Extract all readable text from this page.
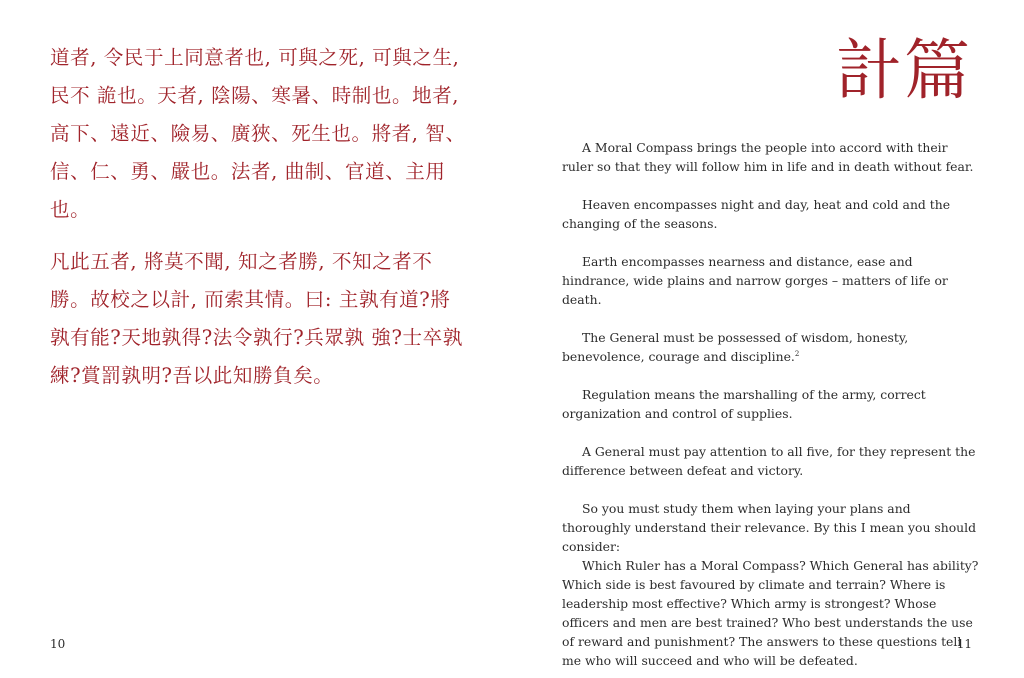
道者, 令民于上同意者也, 可與之死, 可與之生, 民不 詭也。天者, 陰陽、寒暑、時制也。地者, 高下、遠近、險易、廣狹、死生也。將者, 智、信、仁、勇、嚴也。法者, 曲制、官道、主用也。

凡此五者, 將莫不聞, 知之者勝, 不知之者不勝。故校之以計, 而索其情。曰: 主孰有道?將孰有能?天地孰得?法令孰行?兵眾孰 強?士卒孰練?賞罰孰明?吾以此知勝負矣。

10
計篇

A Moral Compass brings the people into accord with their ruler so that they will follow him in life and in death without fear.

Heaven encompasses night and day, heat and cold and the changing of the seasons.

Earth encompasses nearness and distance, ease and hindrance, wide plains and narrow gorges – matters of life or death.

The General must be possessed of wisdom, honesty, benevolence, courage and discipline.$^2$

Regulation means the marshalling of the army, correct organization and control of supplies.

A General must pay attention to all five, for they represent the difference between defeat and victory.

So you must study them when laying your plans and thoroughly understand their relevance. By this I mean you should consider:

Which Ruler has a Moral Compass? Which General has ability?
Which side is best favoured by climate and terrain? Where is leadership most effective? Which army is strongest? Whose officers and men are best trained? Who best understands the use of reward and punishment? The answers to these questions tell me who will succeed and who will be defeated.
11
